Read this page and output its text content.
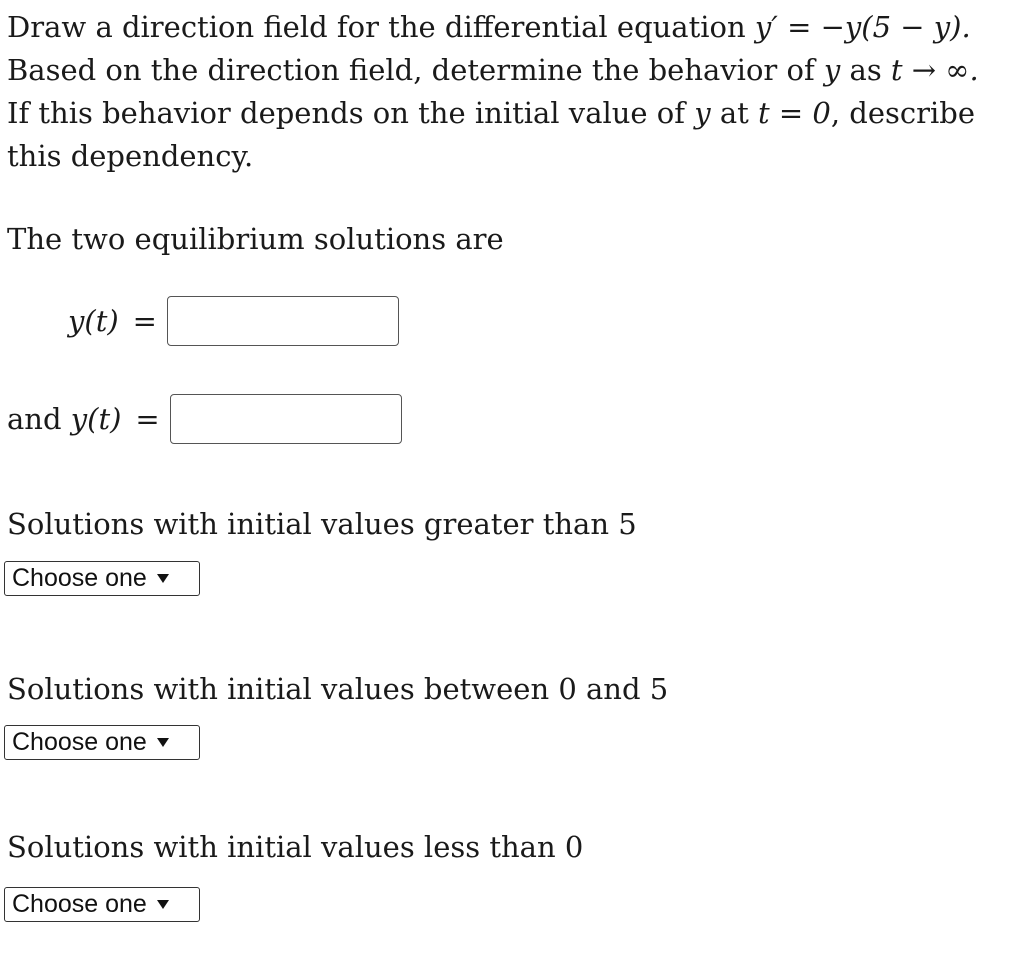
Draw a direction field for the differential equation y′ = −y(5 − y).
Based on the direction field, determine the behavior of y as t → ∞.
If this behavior depends on the initial value of y at t = 0, describe
this dependency.

The two equilibrium solutions are

y(t) =
and y(t) =
Solutions with initial values greater than 5
Choose one
Solutions with initial values between 0 and 5
Choose one
Solutions with initial values less than 0
Choose one
